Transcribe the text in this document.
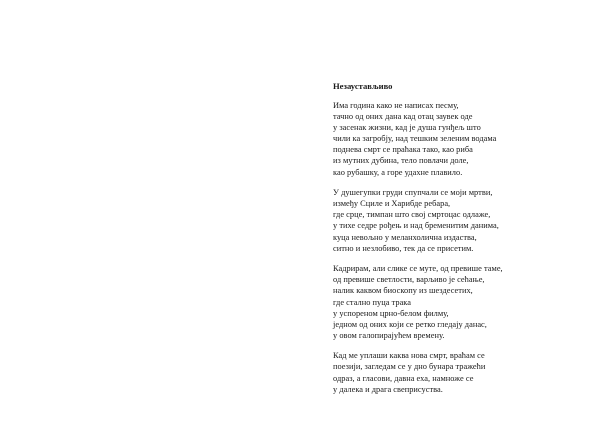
Незаустављиво
Има година како не написах песму,
тачно од оних дана кад отац заувек оде
у засенак жизни, кад је душа гунђељ што
чили ка загробју, над тешким зеленим водама
поднева смрт се праћака тако, као риба
из мутних дубина, тело повлачи доле,
као рубашку, а горе удахне плавило.
У душегупки груди спупчали се моји мртви,
између Сциле и Харибде ребара,
где срце, тимпан што свој смртоцас одлаже,
у тихе седре рођењ и над бременитим данима,
куца невољно у меланхолична издаства,
ситно и незлобиво, тек да се присетим.
Кадрирам, али слике се муте, од превише таме,
од превише светлости, варљиво је сећање,
налик каквом биоскопу из шездесетих,
где стално пуца трака
у успореном црно-белом филму,
једном од оних који се ретко гледају данас,
у овом галопирајућем времену.
Кад ме уплаши каква нова смрт, враћам се
поезији, загледам се у дно бунара тражећи
одраз, а гласови, давна еха, намноже се
у далека и драга свеприсуства.
